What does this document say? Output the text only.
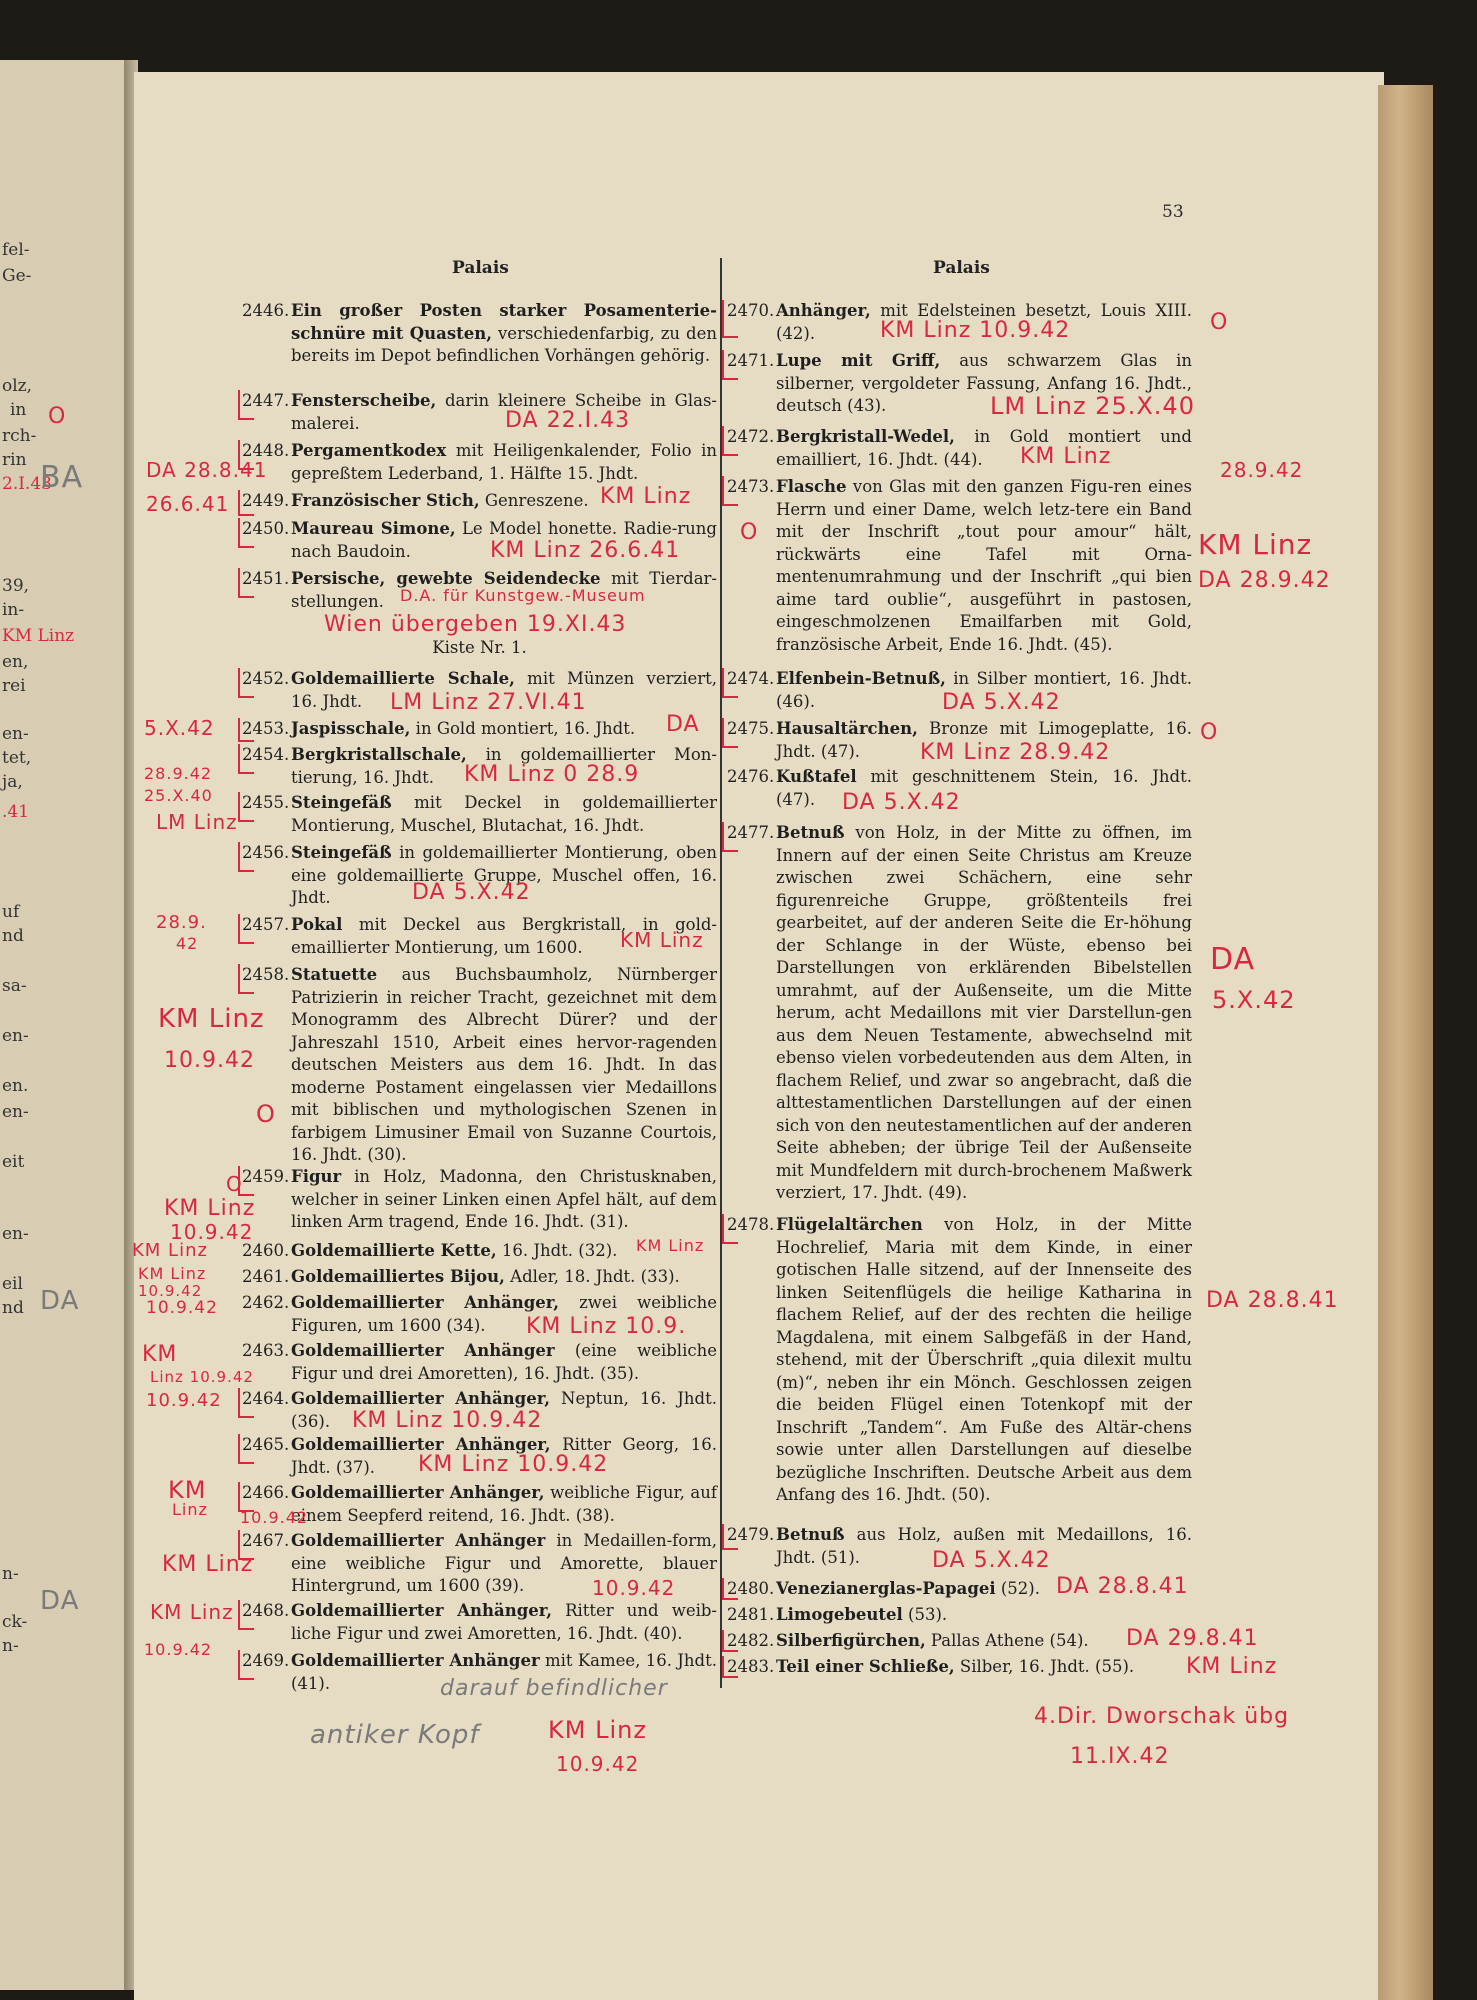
fel-
Ge-
olz,
in
rch-
rin
2.I.43
39,
in-
KM Linz
en,
rei
en-
tet,
ja,
.41
uf
nd
sa-
en-
en.
en-
eit
en-
eil
nd
n-
ck-
n-
BA
DA
DA
53
Palais	Palais
2446. Ein großer Posten starker Posamenterie-schnüre mit Quasten, verschiedenfarbig, zu den bereits im Depot befindlichen Vorhängen gehörig.
2447. Fensterscheibe, darin kleinere Scheibe in Glas-malerei.
2448. Pergamentkodex mit Heiligenkalender, Folio in gepreßtem Lederband, 1. Hälfte 15. Jhdt.
2449. Französischer Stich, Genreszene.
2450. Maureau Simone, Le Model honette. Radie-rung nach Baudoin.
2451. Persische, gewebte Seidendecke mit Tierdar-stellungen.
Kiste Nr. 1.
2452. Goldemaillierte Schale, mit Münzen verziert, 16. Jhdt.
2453. Jaspisschale, in Gold montiert, 16. Jhdt.
2454. Bergkristallschale, in goldemaillierter Mon-tierung, 16. Jhdt.
2455. Steingefäß mit Deckel in goldemaillierter Montierung, Muschel, Blutachat, 16. Jhdt.
2456. Steingefäß in goldemaillierter Montierung, oben eine goldemaillierte Gruppe, Muschel offen, 16. Jhdt.
2457. Pokal mit Deckel aus Bergkristall, in gold-emaillierter Montierung, um 1600.
2458. Statuette aus Buchsbaumholz, Nürnberger Patrizierin in reicher Tracht, gezeichnet mit dem Monogramm des Albrecht Dürer? und der Jahreszahl 1510, Arbeit eines hervor-ragenden deutschen Meisters aus dem 16. Jhdt. In das moderne Postament eingelassen vier Medaillons mit biblischen und mythologischen Szenen in farbigem Limusiner Email von Suzanne Courtois, 16. Jhdt. (30).
2459. Figur in Holz, Madonna, den Christusknaben, welcher in seiner Linken einen Apfel hält, auf dem linken Arm tragend, Ende 16. Jhdt. (31).
2460. Goldemaillierte Kette, 16. Jhdt. (32).
2461. Goldemailliertes Bijou, Adler, 18. Jhdt. (33).
2462. Goldemaillierter Anhänger, zwei weibliche Figuren, um 1600 (34).
2463. Goldemaillierter Anhänger (eine weibliche Figur und drei Amoretten), 16. Jhdt. (35).
2464. Goldemaillierter Anhänger, Neptun, 16. Jhdt. (36).
2465. Goldemaillierter Anhänger, Ritter Georg, 16. Jhdt. (37).
2466. Goldemaillierter Anhänger, weibliche Figur, auf einem Seepferd reitend, 16. Jhdt. (38).
2467. Goldemaillierter Anhänger in Medaillen-form, eine weibliche Figur und Amorette, blauer Hintergrund, um 1600 (39).
2468. Goldemaillierter Anhänger, Ritter und weib-liche Figur und zwei Amoretten, 16. Jhdt. (40).
2469. Goldemaillierter Anhänger mit Kamee, 16. Jhdt. (41).
2470. Anhänger, mit Edelsteinen besetzt, Louis XIII. (42).
2471. Lupe mit Griff, aus schwarzem Glas in silberner, vergoldeter Fassung, Anfang 16. Jhdt., deutsch (43).
2472. Bergkristall-Wedel, in Gold montiert und emailliert, 16. Jhdt. (44).
2473. Flasche von Glas mit den ganzen Figu-ren eines Herrn und einer Dame, welch letz-tere ein Band mit der Inschrift „tout pour amour“ hält, rückwärts eine Tafel mit Orna-mentenumrahmung und der Inschrift „qui bien aime tard oublie“, ausgeführt in pastosen, eingeschmolzenen Emailfarben mit Gold, französische Arbeit, Ende 16. Jhdt. (45).
2474. Elfenbein-Betnuß, in Silber montiert, 16. Jhdt. (46).
2475. Hausaltärchen, Bronze mit Limogeplatte, 16. Jhdt. (47).
2476. Kußtafel mit geschnittenem Stein, 16. Jhdt. (47).
2477. Betnuß von Holz, in der Mitte zu öffnen, im Innern auf der einen Seite Christus am Kreuze zwischen zwei Schächern, eine sehr figurenreiche Gruppe, größtenteils frei gearbeitet, auf der anderen Seite die Er-höhung der Schlange in der Wüste, ebenso bei Darstellungen von erklärenden Bibelstellen umrahmt, auf der Außenseite, um die Mitte herum, acht Medaillons mit vier Darstellun-gen aus dem Neuen Testamente, abwechselnd mit ebenso vielen vorbedeutenden aus dem Alten, in flachem Relief, und zwar so angebracht, daß die alttestamentlichen Darstellungen auf der einen sich von den neutestamentlichen auf der anderen Seite abheben; der übrige Teil der Außenseite mit Mundfeldern mit durch-brochenem Maßwerk verziert, 17. Jhdt. (49).
2478. Flügelaltärchen von Holz, in der Mitte Hochrelief, Maria mit dem Kinde, in einer gotischen Halle sitzend, auf der Innenseite des linken Seitenflügels die heilige Katharina in flachem Relief, auf der des rechten die heilige Magdalena, mit einem Salbgefäß in der Hand, stehend, mit der Überschrift „quia dilexit multu (m)“, neben ihr ein Mönch. Geschlossen zeigen die beiden Flügel einen Totenkopf mit der Inschrift „Tandem“. Am Fuße des Altär-chens sowie unter allen Darstellungen auf dieselbe bezügliche Inschriften. Deutsche Arbeit aus dem Anfang des 16. Jhdt. (50).
2479. Betnuß aus Holz, außen mit Medaillons, 16. Jhdt. (51).
2480. Venezianerglas-Papagei (52).
2481. Limogebeutel (53).
2482. Silberfigürchen, Pallas Athene (54).
2483. Teil einer Schließe, Silber, 16. Jhdt. (55).
DA 22.I.43
DA 28.8.41
26.6.41	KM Linz
KM Linz 26.6.41
D.A. für Kunstgew.-Museum
Wien übergeben 19.XI.43
LM Linz 27.VI.41
DA
5.X.42
KM Linz 0 28.9
28.9.42
25.X.40
LM Linz
DA 5.X.42
KM Linz
28.9.
42
KM Linz
10.9.42
KM Linz
10.9.42
KM Linz
KM Linz
KM Linz
10.9.42
KM Linz 10.9.
10.9.42
KM
Linz 10.9.42
10.9.42
KM Linz 10.9.42
KM Linz 10.9.42
KM
Linz 10.9.42
KM Linz
10.9.42
KM Linz
10.9.42
darauf befindlicher
antiker Kopf	KM Linz
10.9.42
KM Linz 10.9.42
LM Linz 25.X.40
KM Linz
28.9.42
KM Linz
DA 28.9.42
DA 5.X.42
KM Linz 28.9.42
DA 5.X.42
DA
5.X.42
DA 28.8.41
DA 5.X.42
DA 28.8.41
DA 29.8.41
KM Linz
4.Dir. Dworschak übg
11.IX.42
O
O
O
O
O
O
